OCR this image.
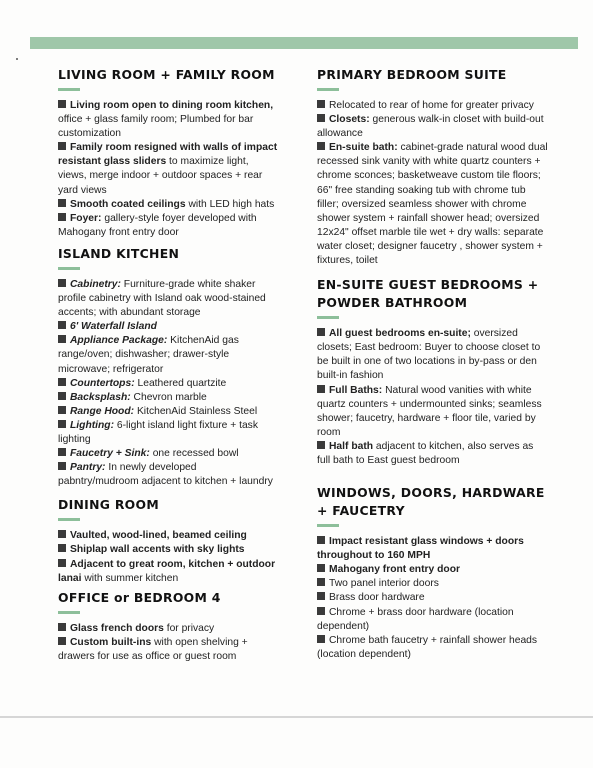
LIVING ROOM + FAMILY ROOM

Living room open to dining room kitchen, office + glass family room; Plumbed for bar customization

Family room resigned with walls of impact resistant glass sliders to maximize light, views, merge indoor + outdoor spaces + rear yard views

Smooth coated ceilings with LED high hats

Foyer: gallery-style foyer developed with Mahogany front entry door

ISLAND KITCHEN

Cabinetry: Furniture-grade white shaker profile cabinetry with Island oak wood-stained accents; with abundant storage

6' Waterfall Island

Appliance Package: KitchenAid gas range/oven; dishwasher; drawer-style microwave; refrigerator

Countertops: Leathered quartzite

Backsplash: Chevron marble

Range Hood: KitchenAid Stainless Steel

Lighting: 6-light island light fixture + task lighting

Faucetry + Sink: one recessed bowl

Pantry: In newly developed pabntry/mudroom adjacent to kitchen + laundry

DINING ROOM

Vaulted, wood-lined, beamed ceiling

Shiplap wall accents with sky lights

Adjacent to great room, kitchen + outdoor lanai with summer kitchen

OFFICE or BEDROOM 4

Glass french doors for privacy

Custom built-ins with open shelving + drawers for use as office or guest room

PRIMARY BEDROOM SUITE

Relocated to rear of home for greater privacy

Closets: generous walk-in closet with build-out allowance

En-suite bath: cabinet-grade natural wood dual recessed sink vanity with white quartz counters + chrome sconces; basketweave custom tile floors; 66" free standing soaking tub with chrome tub filler; oversized seamless shower with chrome shower system + rainfall shower head; oversized 12x24" offset marble tile wet + dry walls: separate water closet; designer faucetry , shower system + fixtures, toilet

EN-SUITE GUEST BEDROOMS + POWDER BATHROOM

All guest bedrooms en-suite; oversized closets; East bedroom: Buyer to choose closet to be built in one of two locations in by-pass or den built-in fashion

Full Baths: Natural wood vanities with white quartz counters + undermounted sinks; seamless shower; faucetry, hardware + floor tile, varied by room

Half bath adjacent to kitchen, also serves as full bath to East guest bedroom

WINDOWS, DOORS, HARDWARE + FAUCETRY

Impact resistant glass windows + doors throughout to 160 MPH

Mahogany front entry door

Two panel interior doors

Brass door hardware

Chrome + brass door hardware (location dependent)

Chrome bath faucetry + rainfall shower heads (location dependent)
